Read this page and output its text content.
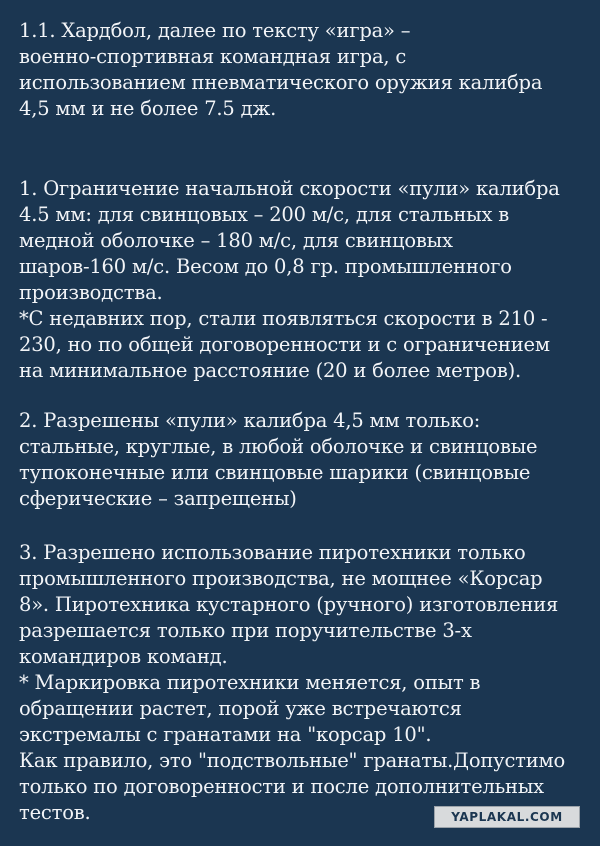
1.1. Хардбол, далее по тексту «игра» –
военно-спортивная командная игра, с
использованием пневматического оружия калибра
4,5 мм и не более 7.5 дж.
1. Ограничение начальной скорости «пули» калибра
4.5 мм: для свинцовых – 200 м/с, для стальных в
медной оболочке – 180 м/с, для свинцовых
шаров-160 м/с. Весом до 0,8 гр. промышленного
производства.
*С недавних пор, стали появляться скорости в 210 -
230, но по общей договоренности и с ограничением
на минимальное расстояние (20 и более метров).
2. Разрешены «пули» калибра 4,5 мм только:
стальные, круглые, в любой оболочке и свинцовые
тупоконечные или свинцовые шарики (свинцовые
сферические – запрещены)
3. Разрешено использование пиротехники только
промышленного производства, не мощнее «Корсар
8». Пиротехника кустарного (ручного) изготовления
разрешается только при поручительстве 3-х
командиров команд.
* Маркировка пиротехники меняется, опыт в
обращении растет, порой уже встречаются
экстремалы с гранатами на "корсар 10".
Как правило, это "подствольные" гранаты.Допустимо
только по договоренности и после дополнительных
тестов.	YAPLAKAL.COM
